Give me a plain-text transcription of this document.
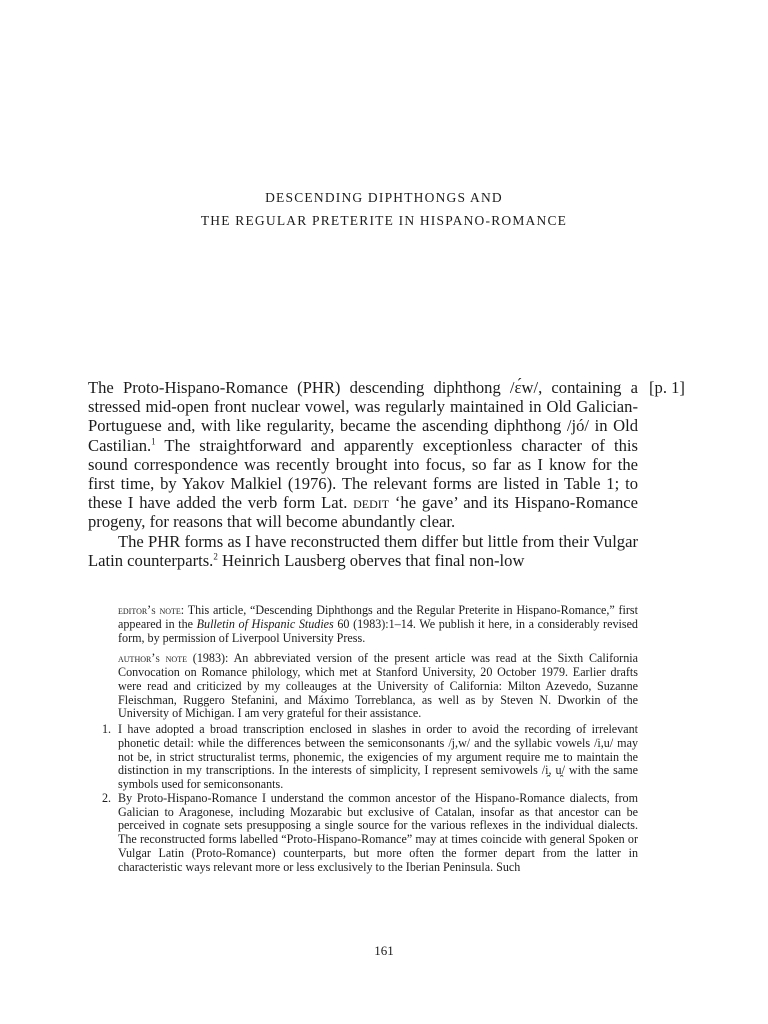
DESCENDING DIPHTHONGS AND
THE REGULAR PRETERITE IN HISPANO-ROMANCE
[p. 1]

The Proto-Hispano-Romance (PHR) descending diphthong /ɛ́w/, containing a stressed mid-open front nuclear vowel, was regularly maintained in Old Galician-Portuguese and, with like regularity, became the ascending diphthong /jó/ in Old Castilian.$^1$ The straightforward and apparently exceptionless character of this sound correspondence was recently brought into focus, so far as I know for the first time, by Yakov Malkiel (1976). The relevant forms are listed in Table 1; to these I have added the verb form Lat. dedit ‘he gave’ and its Hispano-Romance progeny, for reasons that will become abundantly clear.

The PHR forms as I have reconstructed them differ but little from their Vulgar Latin counterparts.$^2$ Heinrich Lausberg oberves that final non-low

editor’s note: This article, “Descending Diphthongs and the Regular Preterite in Hispano-Romance,” first appeared in the Bulletin of Hispanic Studies 60 (1983):1–14. We publish it here, in a considerably revised form, by permission of Liverpool University Press.

author’s note (1983): An abbreviated version of the present article was read at the Sixth California Convocation on Romance philology, which met at Stanford University, 20 October 1979. Earlier drafts were read and criticized by my colleauges at the University of California: Milton Azevedo, Suzanne Fleischman, Ruggero Stefanini, and Máximo Torreblanca, as well as by Steven N. Dworkin of the University of Michigan. I am very grateful for their assistance.

1. I have adopted a broad transcription enclosed in slashes in order to avoid the recording of irrelevant phonetic detail: while the differences between the semiconsonants /j,w/ and the syllabic vowels /i,u/ may not be, in strict structuralist terms, phonemic, the exigencies of my argument require me to maintain the distinction in my transcriptions. In the interests of simplicity, I represent semivowels /i̯, u̯/ with the same symbols used for semiconsonants.
2. By Proto-Hispano-Romance I understand the common ancestor of the Hispano-Romance dialects, from Galician to Aragonese, including Mozarabic but exclusive of Catalan, insofar as that ancestor can be perceived in cognate sets presupposing a single source for the various reflexes in the individual dialects. The reconstructed forms labelled “Proto-Hispano-Romance” may at times coincide with general Spoken or Vulgar Latin (Proto-Romance) counterparts, but more often the former depart from the latter in characteristic ways relevant more or less exclusively to the Iberian Peninsula. Such
161
